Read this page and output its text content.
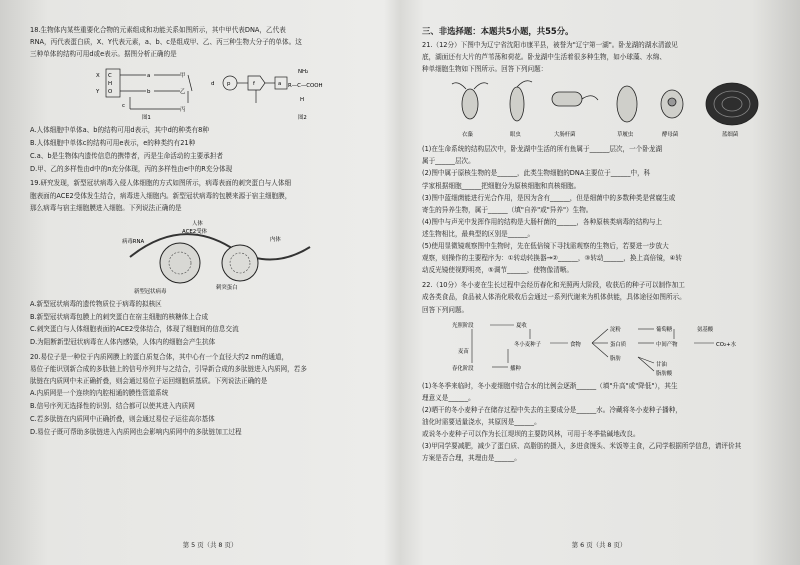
18.生物体内某些重要化合物的元素组成和功能关系如图所示，其中甲代表DNA，乙代表

RNA，丙代表蛋白质，X、Y代表元素，a、b、c是组成甲、乙、丙三种生物大分子的单体。这

三种单体的结构可用d或e表示。据图分析正确的是

C
H
O
X
Y
a
b
c
甲
乙
丙
d p	f	a
图1
NH₂
R—C—COOH
H
图2

A.人体细胞中单体a、b的结构可用d表示，其中d的种类有8种

B.人体细胞中单体c的结构可用e表示，e的种类约有21种

C.a、b是生物体内遗传信息的携带者，丙是生命活动的主要承担者

D.甲、乙的多样性由d中的n充分体现，丙的多样性由e中的R充分体现

19.研究发现，新型冠状病毒入侵人体细胞的方式如图所示，病毒表面的刺突蛋白与人体细

胞表面的ACE2受体发生结合，病毒进入细胞内。新型冠状病毒的包膜来源于宿主细胞膜，

那么病毒与宿主细胞膜进入细胞。下列说法正确的是

人体
ACE2受体
病毒RNA	内体
新型冠状病毒
刺突蛋白

A.新型冠状病毒的遗传物质位于病毒的拟核区

B.新型冠状病毒包膜上的刺突蛋白在宿主细胞的核糖体上合成

C.刺突蛋白与人体细胞表面的ACE2受体结合，体现了细胞间的信息交流

D.为阻断新型冠状病毒在人体内感染，人体内的细胞会产生抗体

20.易位子是一种位于内质网膜上的蛋白质复合体，其中心有一个直径大约2 nm的通道，

易位子能识别新合成的多肽链上的信号序列并与之结合，引导新合成的多肽链进入内质网，若多

肽链在内质网中未正确折叠，则会通过易位子运回细胞质基质。下列说法正确的是

A.内质网是一个连续的内腔相通的膜性管道系统

B.信号序列无选择性的识别、结合都可以使其进入内质网

C.若多肽链在内质网中正确折叠，则会通过易位子运往高尔基体

D.易位子既可帮助多肽链进入内质网也会影响内质网中的多肽链加工过程

第 5 页（共 8 页）

三、非选择题：本题共5小题，共55分。

21.（12分）下图中为辽宁省沈阳市康平县，被誉为"辽宁第一湖"。卧龙湖的湖水清澈见

底，湖面还有大片的芦苇荡和荷花。卧龙湖中生活着很多种生物，如小球藻、水绵、

种单细胞生物如下图所示。回答下列问题：

衣藻	眼虫	大肠杆菌	草履虫	酵母菌	蓝细菌

(1)在生命系统的结构层次中，卧龙湖中生活的所有鱼属于______层次，一个卧龙湖

属于______层次。

(2)图中属于原核生物的是______，此类生物细胞的DNA主要位于______中，科

学家根据细胞______把细胞分为原核细胞和真核细胞。

(3)图中蓝细菌能进行光合作用，是因为含有______，但是细菌中的多数种类是营腐生或

寄生的异养生物，属于______（填"自养"或"异养"）生物。

(4)图中与声光中发挥作用的结构是大肠杆菌的______，各种原核类病毒的结构与上

述生物相比，最典型的区别是______。

(5)使用显微镜观察图中生物时，先在低倍镜下寻找需观察的生物后，若要进一步放大

观察，则操作的主要程序为：①转动转换器→②______，③转动______，换上高倍镜，④转

动反光镜使视野明亮，⑤调节______，使物像清晰。

22.（10分）冬小麦在生长过程中会经历春化和光照两大阶段，收获后的种子可以制作加工

成各类食品，食品被人体消化吸收后会通过一系列代谢来为机体供能，具体途径如图所示。

回答下列问题。

光照阶段	夏收
冬小麦种子	食物
淀粉
蛋白质
脂肪
葡萄糖
中间产物	CO₂+水
甘油
脂肪酸
麦苗
春化阶段	播种
氨基酸

(1)冬冬季来临时，冬小麦细胞中结合水的比例会逐渐______（填"升高"或"降低"），其生

理意义是______。

(2)晒干的冬小麦种子在储存过程中失去的主要成分是______水。冷藏将冬小麦种子播种，

油化时需要适量浇水，其原因是______。

或说冬小麦种子可以作为长江堤坝的主要防风林，可用于冬季盐碱地改良。

(3)甲同学要减肥，减少了蛋白质、高脂肪的摄入，多进食馒头、米饭等主食，乙同学根据所学信息，请评价其

方案是否合理，其理由是______。

第 6 页（共 8 页）
